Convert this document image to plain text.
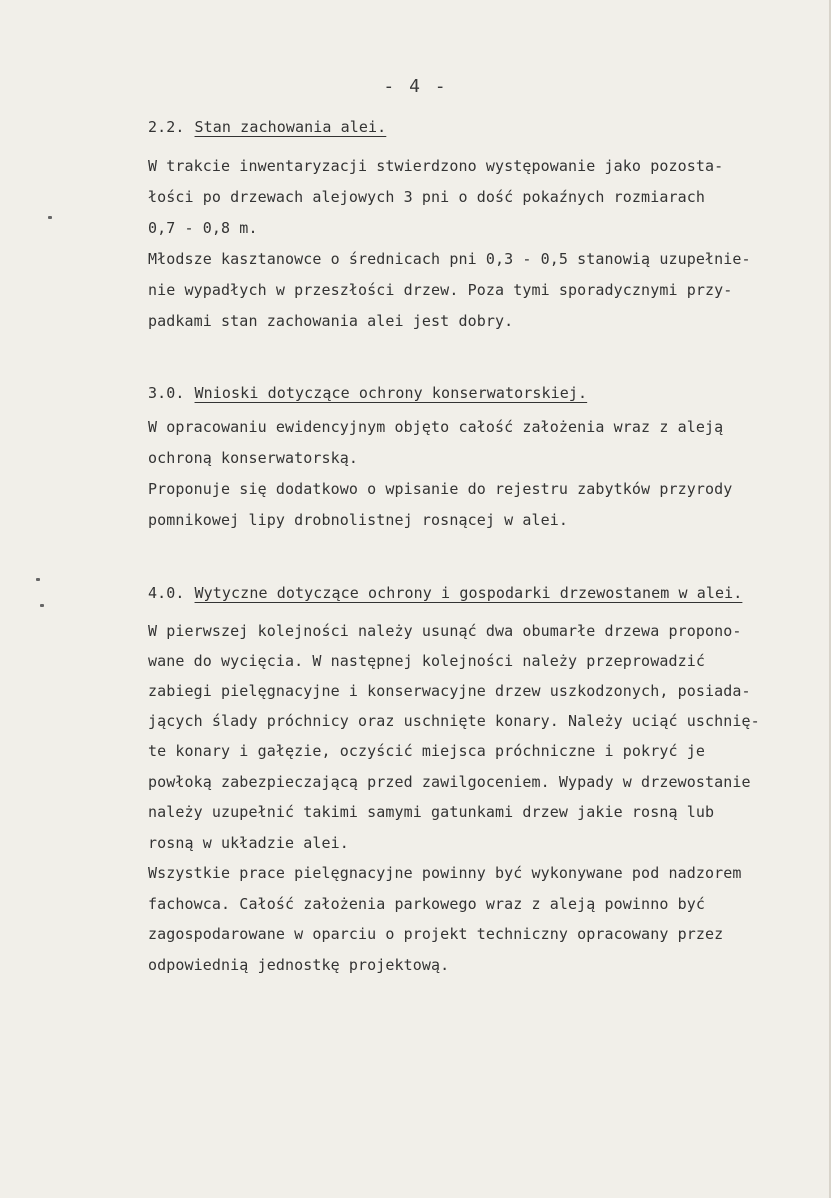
- 4 -
2.2. Stan zachowania alei.
W trakcie inwentaryzacji stwierdzono występowanie jako pozosta-
łości po drzewach alejowych 3 pni o dość pokaźnych rozmiarach
0,7 - 0,8 m.
Młodsze kasztanowce o średnicach pni 0,3 - 0,5 stanowią uzupełnie-
nie wypadłych w przeszłości drzew. Poza tymi sporadycznymi przy-
padkami stan zachowania alei jest dobry.
3.0. Wnioski dotyczące ochrony konserwatorskiej.
W opracowaniu ewidencyjnym objęto całość założenia wraz z aleją
ochroną konserwatorską.
Proponuje się dodatkowo o wpisanie do rejestru zabytków przyrody
pomnikowej lipy drobnolistnej rosnącej w alei.
4.0. Wytyczne dotyczące ochrony i gospodarki drzewostanem w alei.
W pierwszej kolejności należy usunąć dwa obumarłe drzewa propono-
wane do wycięcia. W następnej kolejności należy przeprowadzić
zabiegi pielęgnacyjne i konserwacyjne drzew uszkodzonych, posiada-
jących ślady próchnicy oraz uschnięte konary. Należy uciąć uschnię-
te konary i gałęzie, oczyścić miejsca próchniczne i pokryć je
powłoką zabezpieczającą przed zawilgoceniem. Wypady w drzewostanie
należy uzupełnić takimi samymi gatunkami drzew jakie rosną lub
rosną w układzie alei.
Wszystkie prace pielęgnacyjne powinny być wykonywane pod nadzorem
fachowca. Całość założenia parkowego wraz z aleją powinno być
zagospodarowane w oparciu o projekt techniczny opracowany przez
odpowiednią jednostkę projektową.
